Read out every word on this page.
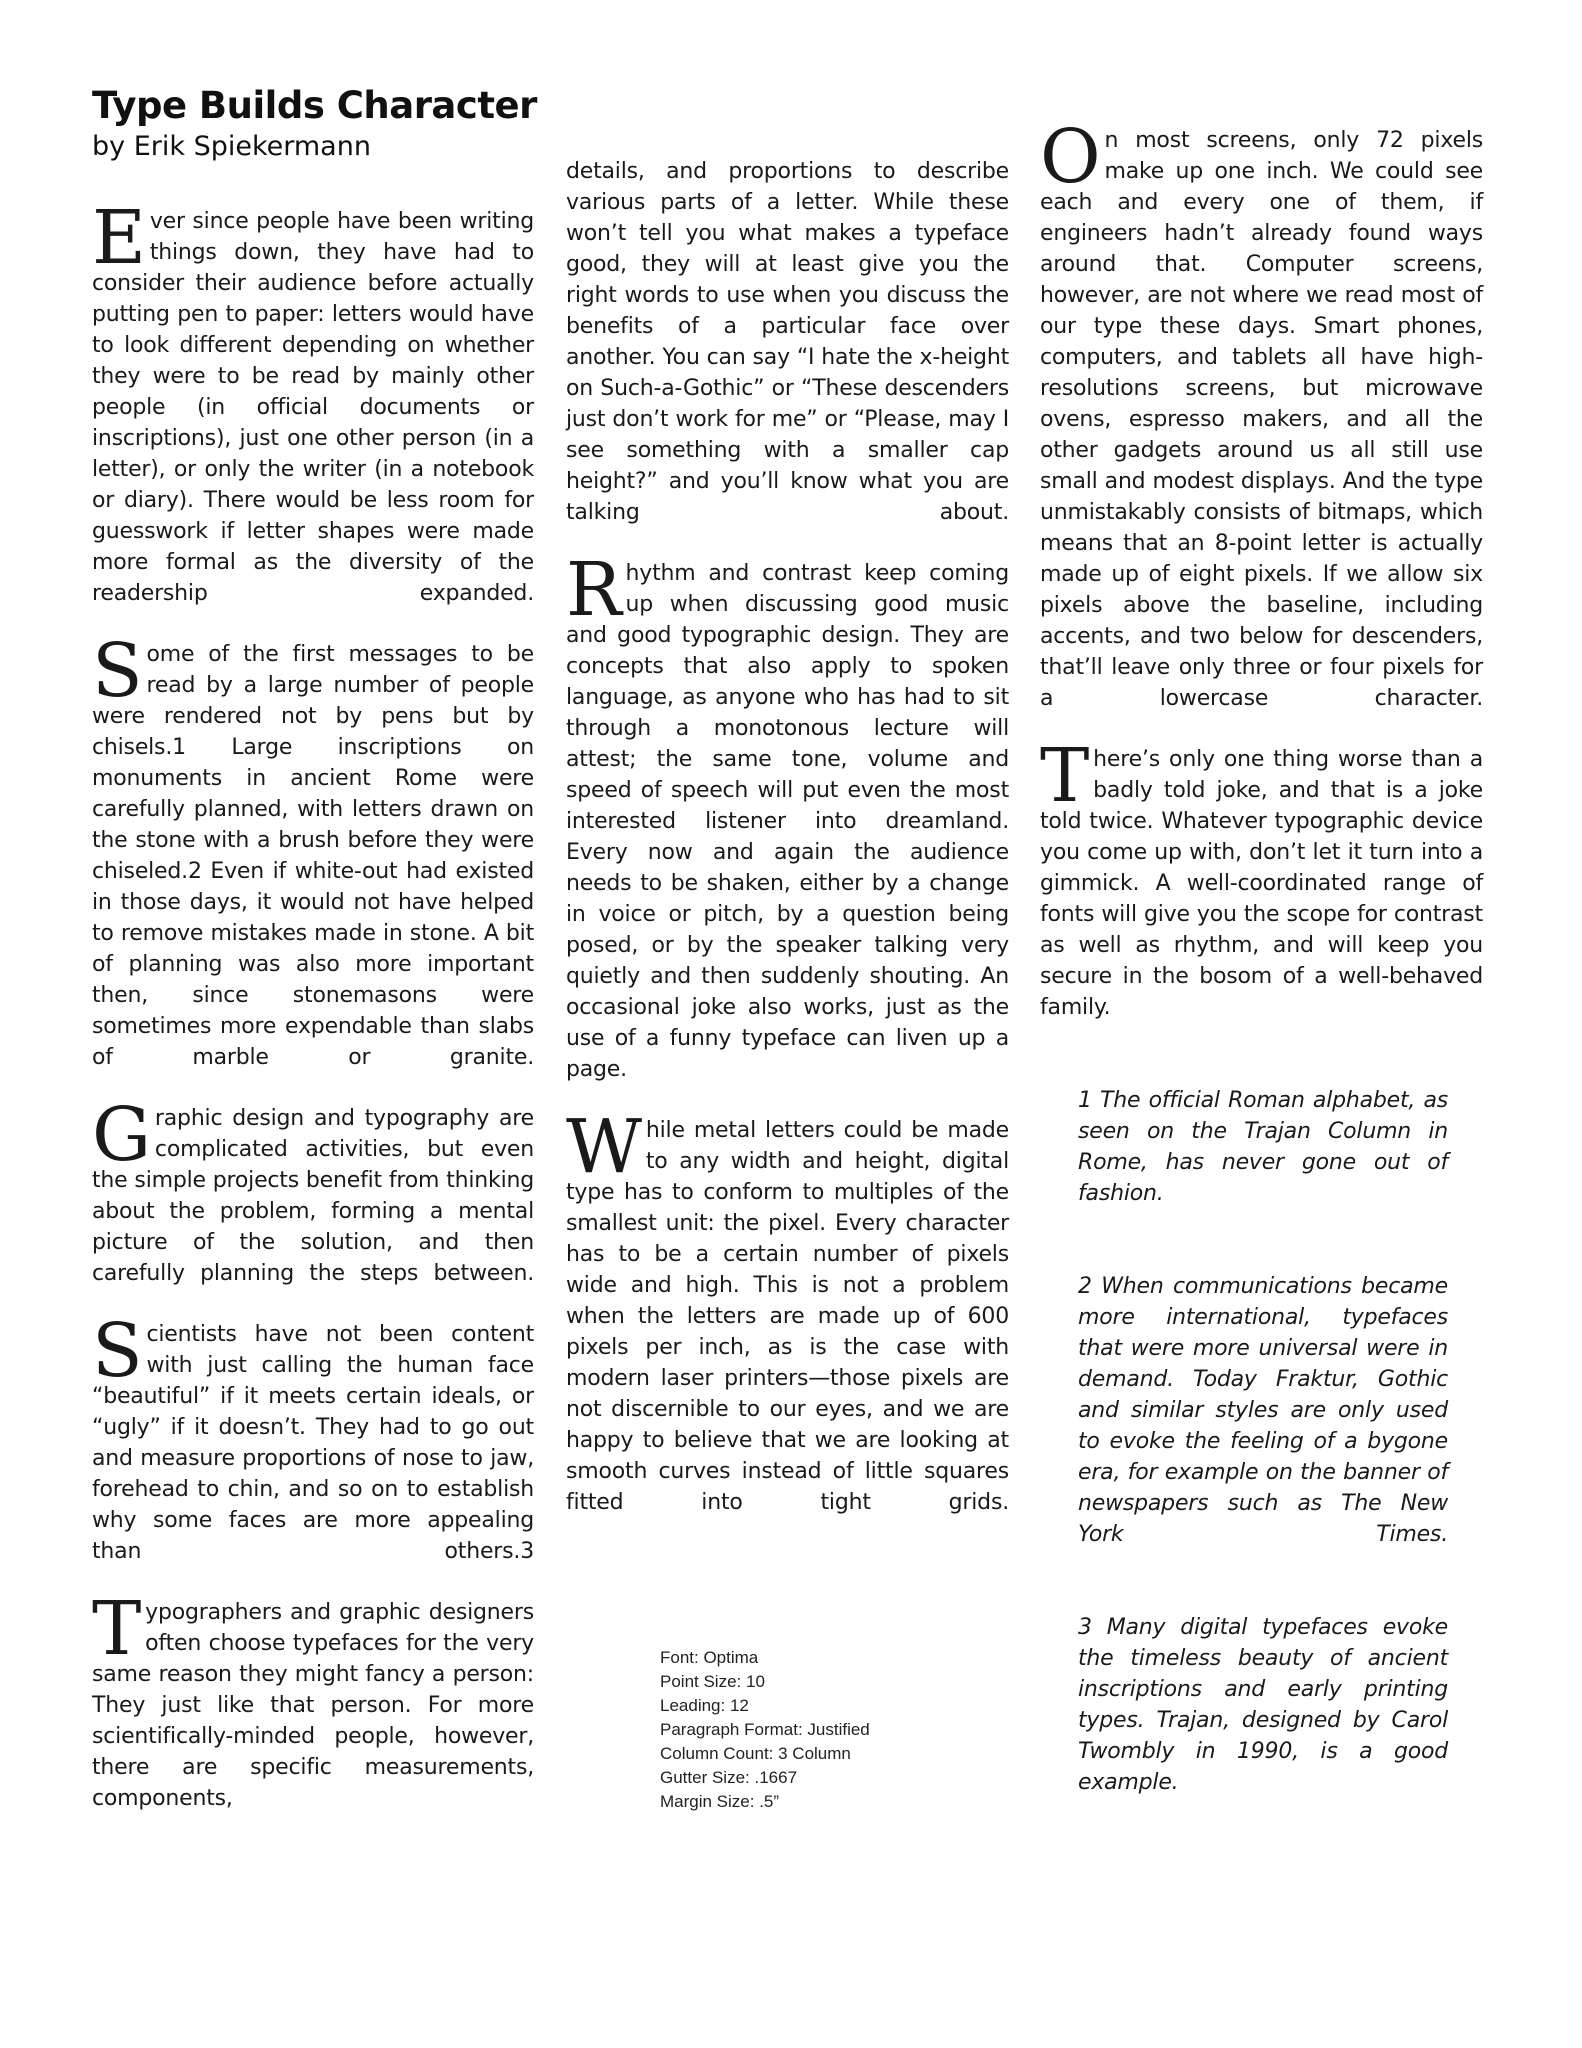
Type Builds Character

by Erik Spiekermann

Ever since people have been writing things down, they have had to consider their audience before actually putting pen to paper: letters would have to look different depending on whether they were to be read by mainly other people (in official documents or inscriptions), just one other person (in a letter), or only the writer (in a notebook or diary). There would be less room for guesswork if letter shapes were made more formal as the diversity of the readership expanded.

Some of the first messages to be read by a large number of people were rendered not by pens but by chisels.1 Large inscriptions on monuments in ancient Rome were carefully planned, with letters drawn on the stone with a brush before they were chiseled.2 Even if white-out had existed in those days, it would not have helped to remove mistakes made in stone. A bit of planning was also more important then, since stonemasons were sometimes more expendable than slabs of marble or granite.

Graphic design and typography are complicated activities, but even the simple projects benefit from thinking about the problem, forming a mental picture of the solution, and then carefully planning the steps between.

Scientists have not been content with just calling the human face “beautiful” if it meets certain ideals, or “ugly” if it doesn’t. They had to go out and measure proportions of nose to jaw, forehead to chin, and so on to establish why some faces are more appealing than others.3

Typographers and graphic designers often choose typefaces for the very same reason they might fancy a person: They just like that person. For more scientifically-minded people, however, there are specific measurements, components,

details, and proportions to describe various parts of a letter. While these won’t tell you what makes a typeface good, they will at least give you the right words to use when you discuss the benefits of a particular face over another. You can say “I hate the x-height on Such-a-Gothic” or “These descenders just don’t work for me” or “Please, may I see something with a smaller cap height?” and you’ll know what you are talking about.

Rhythm and contrast keep coming up when discussing good music and good typographic design. They are concepts that also apply to spoken language, as anyone who has had to sit through a monotonous lecture will attest; the same tone, volume and speed of speech will put even the most interested listener into dreamland. Every now and again the audience needs to be shaken, either by a change in voice or pitch, by a question being posed, or by the speaker talking very quietly and then suddenly shouting. An occasional joke also works, just as the use of a funny typeface can liven up a page.

While metal letters could be made to any width and height, digital type has to conform to multiples of the smallest unit: the pixel. Every character has to be a certain number of pixels wide and high. This is not a problem when the letters are made up of 600 pixels per inch, as is the case with modern laser printers—those pixels are not discernible to our eyes, and we are happy to believe that we are looking at smooth curves instead of little squares fitted into tight grids.

On most screens, only 72 pixels make up one inch. We could see each and every one of them, if engineers hadn’t already found ways around that. Computer screens, however, are not where we read most of our type these days. Smart phones, computers, and tablets all have high-resolutions screens, but microwave ovens, espresso makers, and all the other gadgets around us all still use small and modest displays. And the type unmistakably consists of bitmaps, which means that an 8-point letter is actually made up of eight pixels. If we allow six pixels above the baseline, including accents, and two below for descenders, that’ll leave only three or four pixels for a lowercase character.

There’s only one thing worse than a badly told joke, and that is a joke told twice. Whatever typographic device you come up with, don’t let it turn into a gimmick. A well-coordinated range of fonts will give you the scope for contrast as well as rhythm, and will keep you secure in the bosom of a well-behaved family.

1 The official Roman alphabet, as seen on the Trajan Column in Rome, has never gone out of fashion.

2 When communications became more international, typefaces that were more universal were in demand. Today Fraktur, Gothic and similar styles are only used to evoke the feeling of a bygone era, for example on the banner of newspapers such as The New York Times.

3 Many digital typefaces evoke the timeless beauty of ancient inscriptions and early printing types. Trajan, designed by Carol Twombly in 1990, is a good example.

Font: Optima
Point Size: 10
Leading: 12
Paragraph Format: Justified
Column Count: 3 Column
Gutter Size: .1667
Margin Size: .5”
